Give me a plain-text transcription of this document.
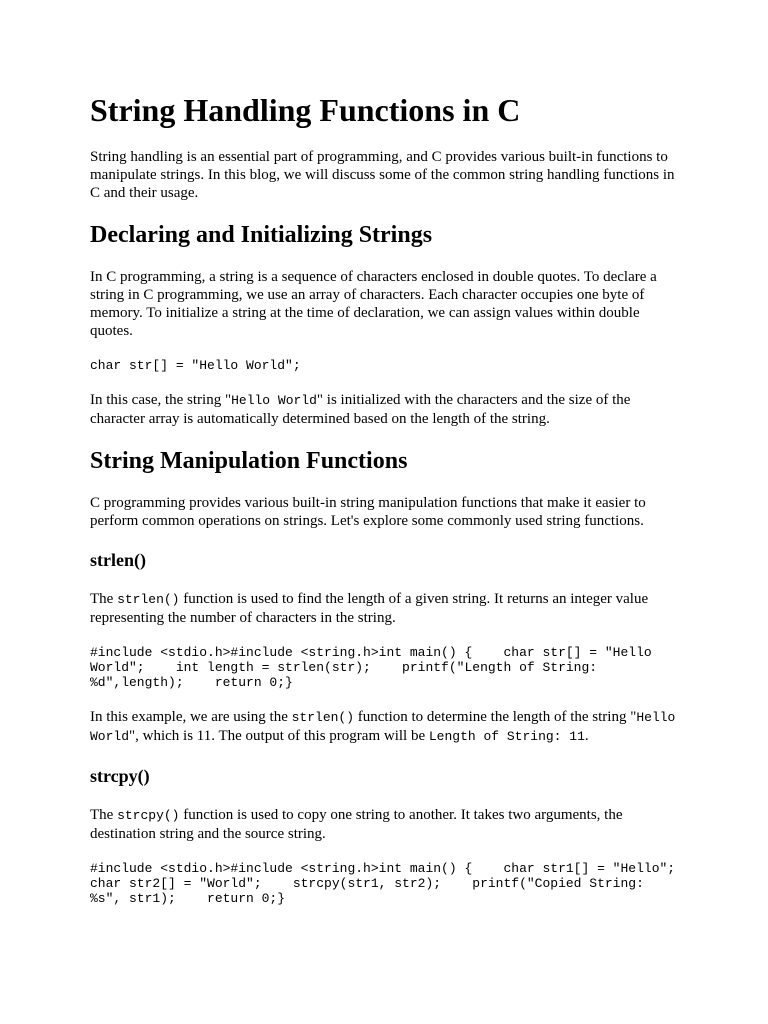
String Handling Functions in C

String handling is an essential part of programming, and C provides various built-in functions to manipulate strings. In this blog, we will discuss some of the common string handling functions in C and their usage.

Declaring and Initializing Strings

In C programming, a string is a sequence of characters enclosed in double quotes. To declare a string in C programming, we use an array of characters. Each character occupies one byte of memory. To initialize a string at the time of declaration, we can assign values within double quotes.

char str[] = "Hello World";

In this case, the string "Hello World" is initialized with the characters and the size of the character array is automatically determined based on the length of the string.

String Manipulation Functions

C programming provides various built-in string manipulation functions that make it easier to perform common operations on strings. Let's explore some commonly used string functions.

strlen()

The strlen() function is used to find the length of a given string. It returns an integer value representing the number of characters in the string.

#include <stdio.h>#include <string.h>int main() {    char str[] = "Hello World";    int length = strlen(str);    printf("Length of String: %d",length);    return 0;}

In this example, we are using the strlen() function to determine the length of the string "Hello World", which is 11. The output of this program will be Length of String: 11.

strcpy()

The strcpy() function is used to copy one string to another. It takes two arguments, the destination string and the source string.

#include <stdio.h>#include <string.h>int main() {    char str1[] = "Hello";    char str2[] = "World";    strcpy(str1, str2);    printf("Copied String: %s", str1);    return 0;}
